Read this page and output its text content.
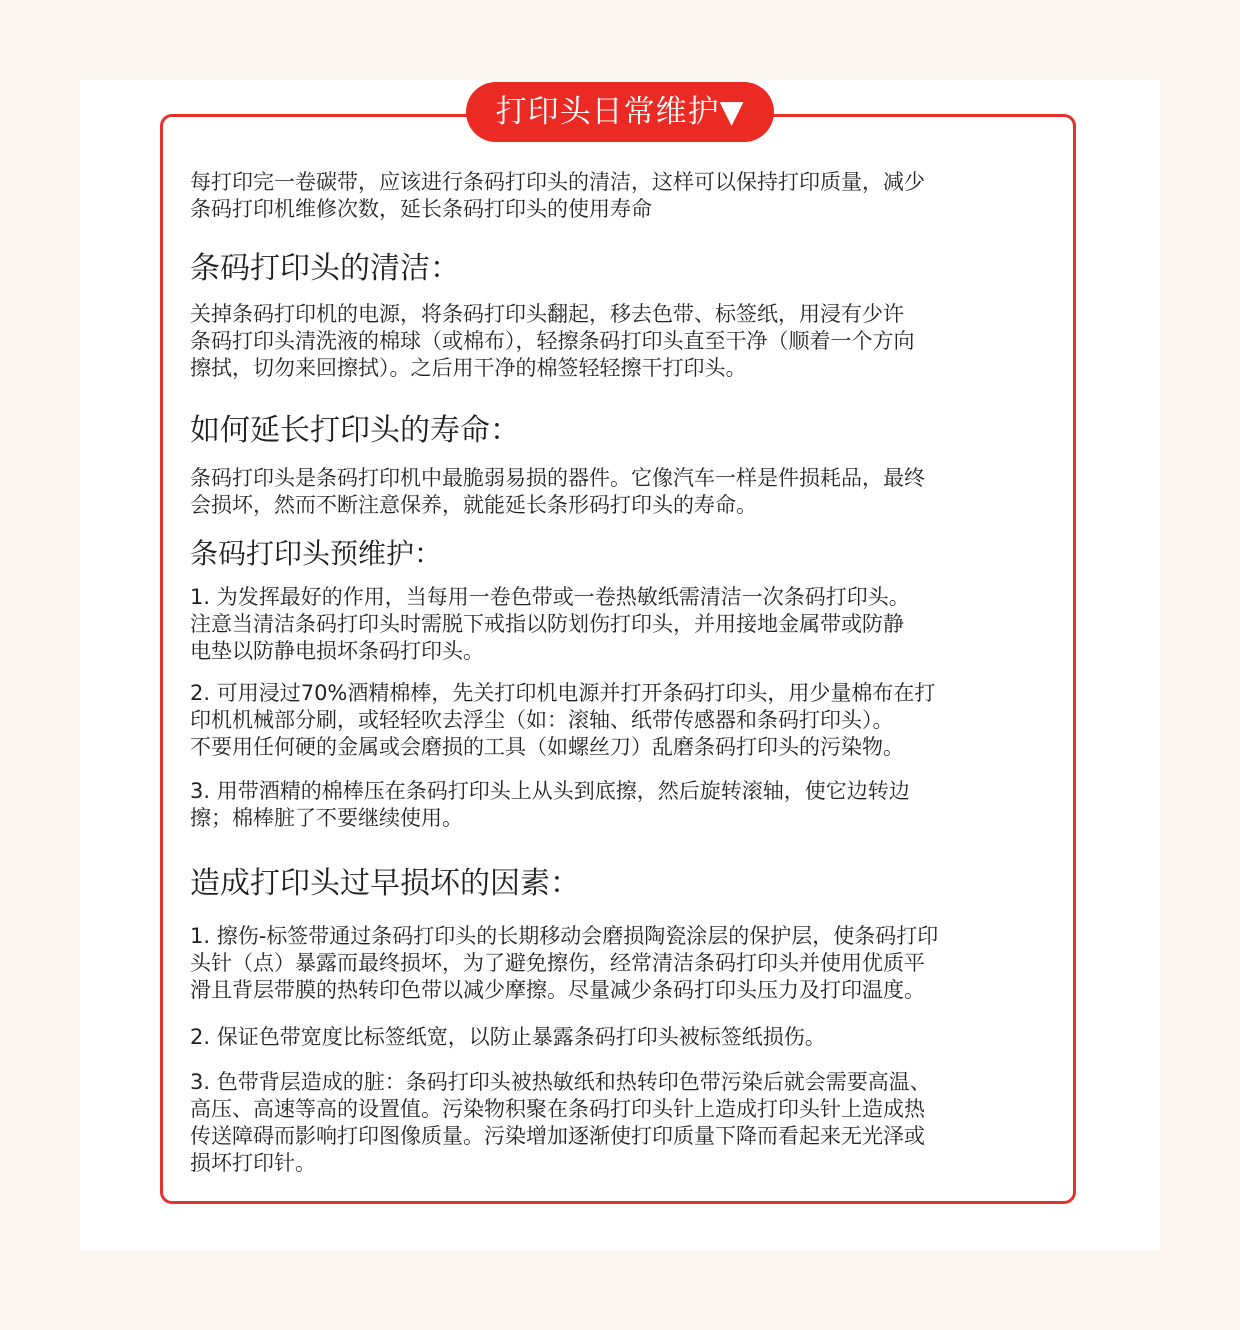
打印头日常维护▼
每打印完一卷碳带，应该进行条码打印头的清洁，这样可以保持打印质量，减少
条码打印机维修次数，延长条码打印头的使用寿命
条码打印头的清洁：
关掉条码打印机的电源，将条码打印头翻起，移去色带、标签纸，用浸有少许
条码打印头清洗液的棉球（或棉布），轻擦条码打印头直至干净（顺着一个方向
擦拭，切勿来回擦拭）。之后用干净的棉签轻轻擦干打印头。
如何延长打印头的寿命：
条码打印头是条码打印机中最脆弱易损的器件。它像汽车一样是件损耗品，最终
会损坏，然而不断注意保养，就能延长条形码打印头的寿命。
条码打印头预维护：
1. 为发挥最好的作用，当每用一卷色带或一卷热敏纸需清洁一次条码打印头。
注意当清洁条码打印头时需脱下戒指以防划伤打印头，并用接地金属带或防静
电垫以防静电损坏条码打印头。
2. 可用浸过70%酒精棉棒，先关打印机电源并打开条码打印头，用少量棉布在打
印机机械部分刷，或轻轻吹去浮尘（如：滚轴、纸带传感器和条码打印头）。
不要用任何硬的金属或会磨损的工具（如螺丝刀）乱磨条码打印头的污染物。
3. 用带酒精的棉棒压在条码打印头上从头到底擦，然后旋转滚轴，使它边转边
擦；棉棒脏了不要继续使用。
造成打印头过早损坏的因素：
1. 擦伤-标签带通过条码打印头的长期移动会磨损陶瓷涂层的保护层，使条码打印
头针（点）暴露而最终损坏，为了避免擦伤，经常清洁条码打印头并使用优质平
滑且背层带膜的热转印色带以减少摩擦。尽量减少条码打印头压力及打印温度。
2. 保证色带宽度比标签纸宽，以防止暴露条码打印头被标签纸损伤。
3. 色带背层造成的脏：条码打印头被热敏纸和热转印色带污染后就会需要高温、
高压、高速等高的设置值。污染物积聚在条码打印头针上造成打印头针上造成热
传送障碍而影响打印图像质量。污染增加逐渐使打印质量下降而看起来无光泽或
损坏打印针。
